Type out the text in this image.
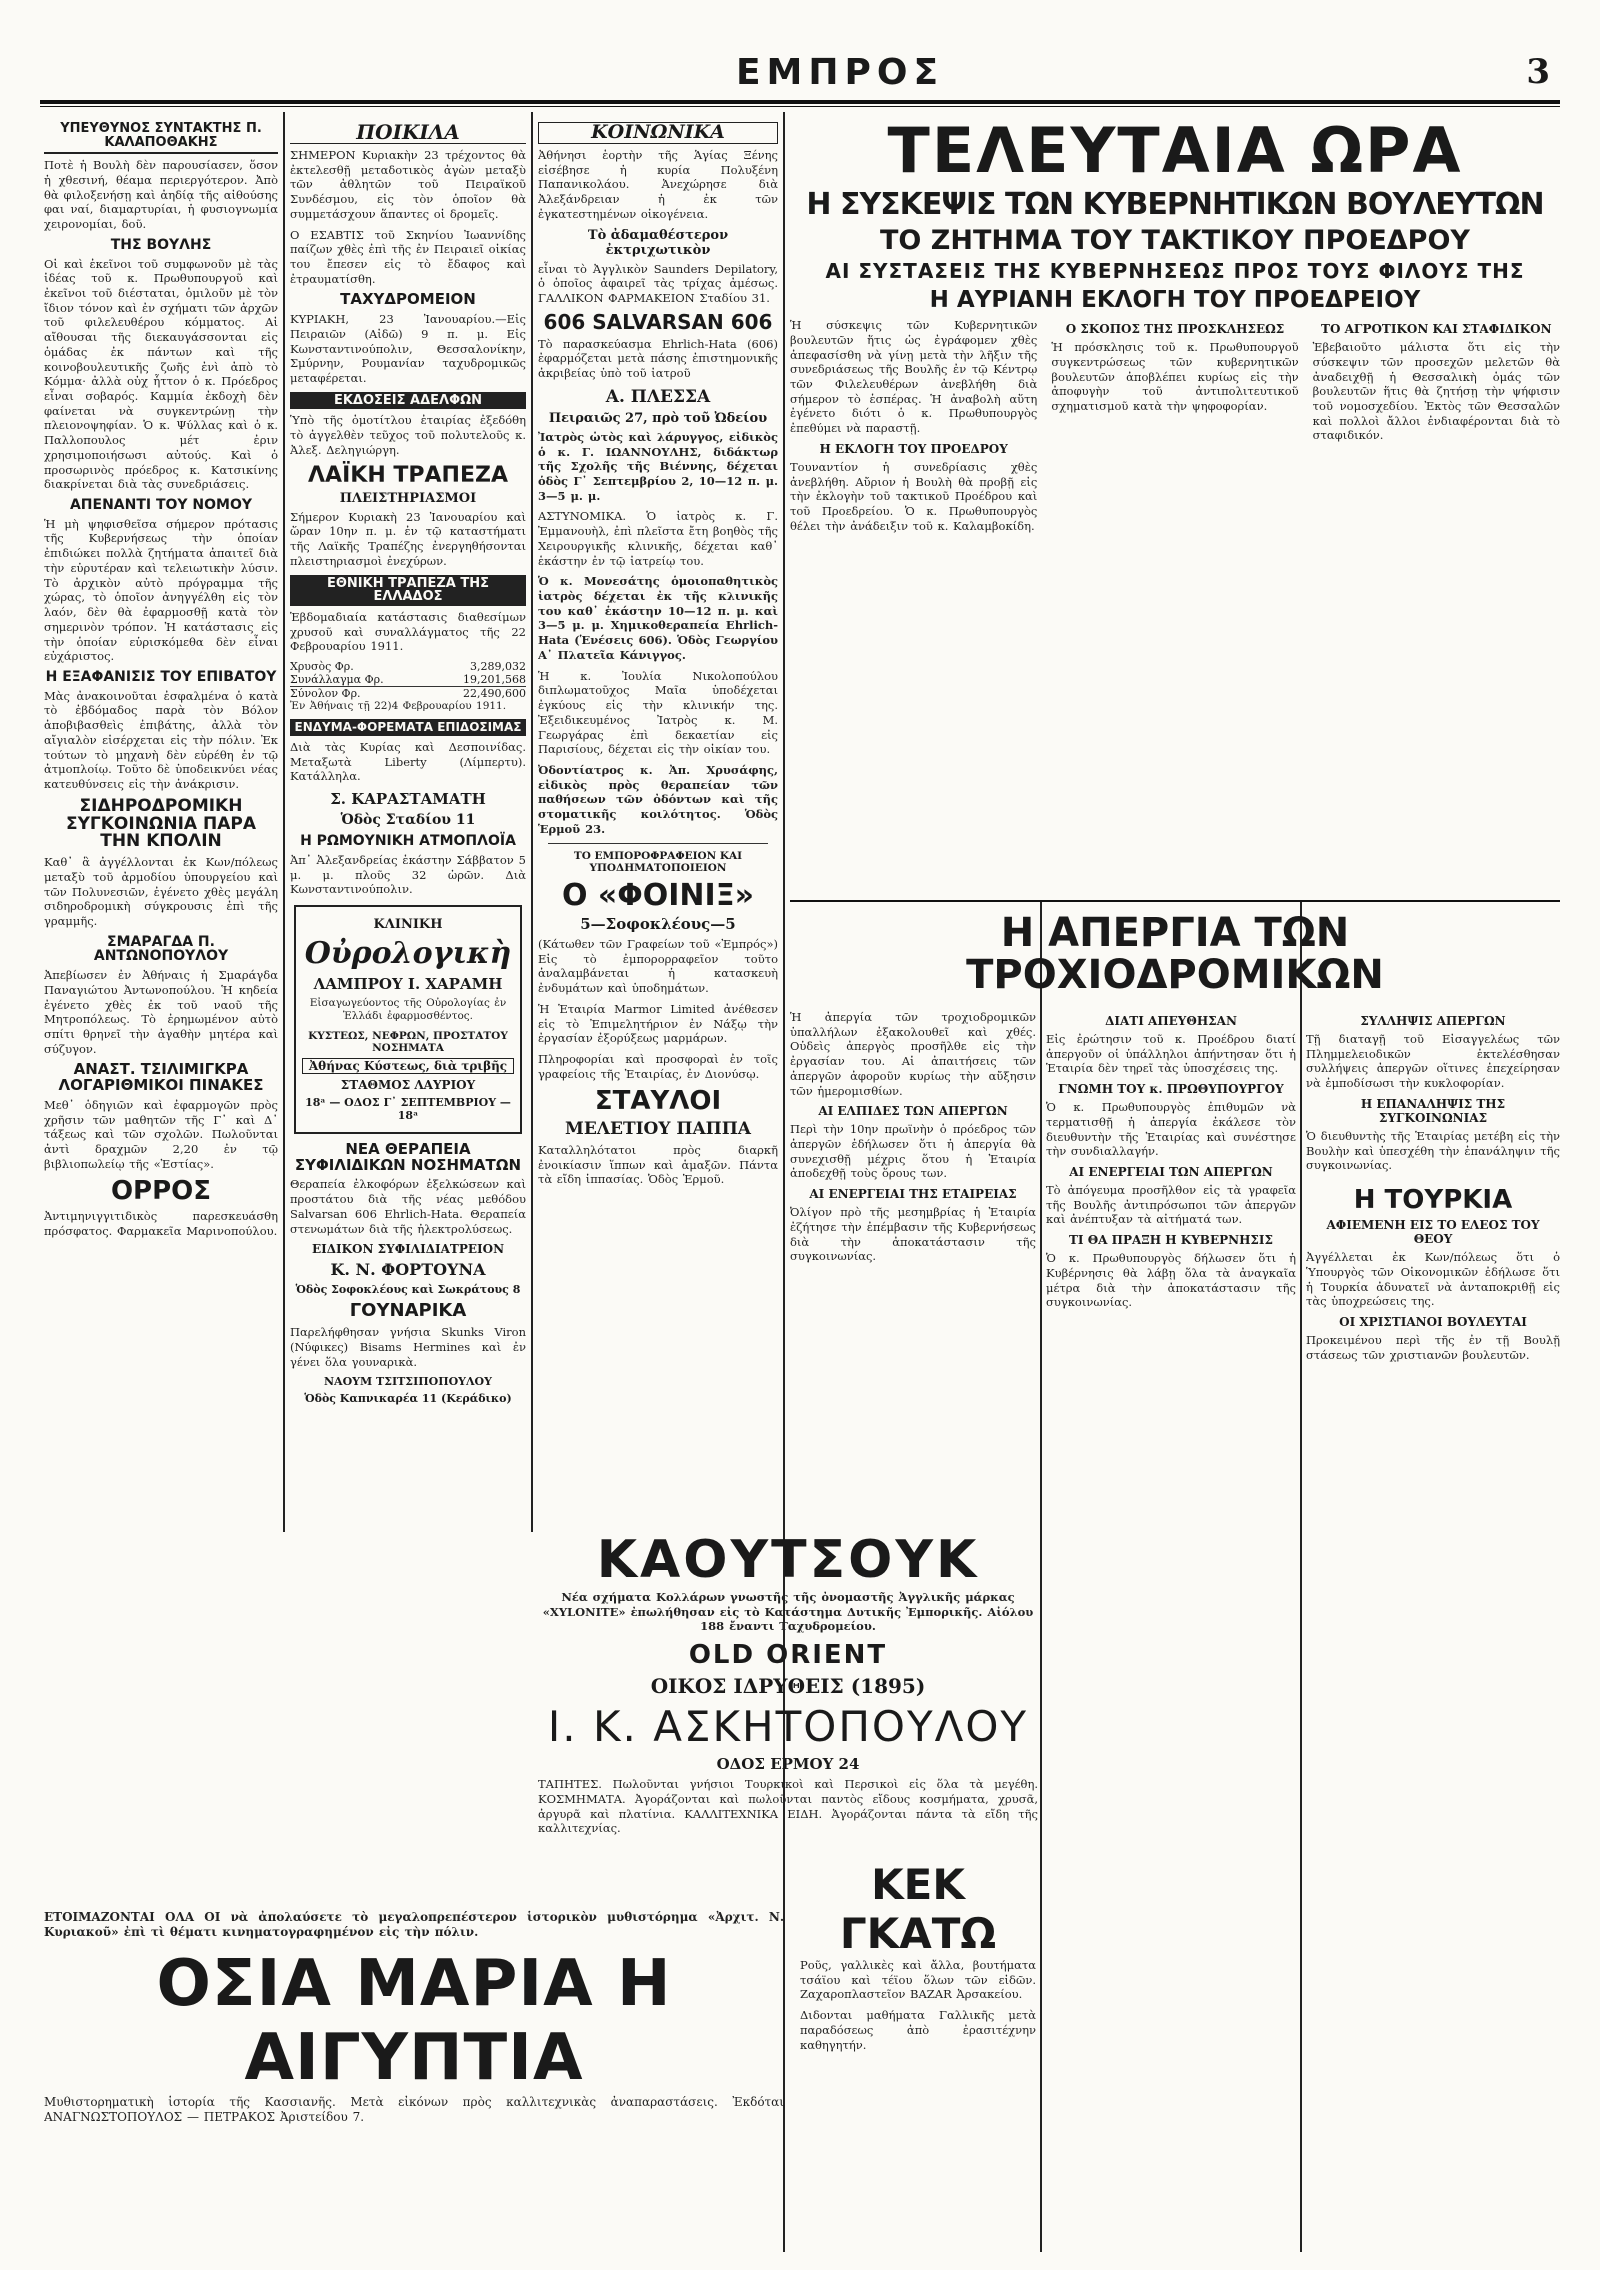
ΕΜΠΡΟΣ	3
ΥΠΕΥΘΥΝΟΣ ΣΥΝΤΑΚΤΗΣ Π. ΚΑΛΑΠΟΘΑΚΗΣ

Ποτὲ ἡ Βουλὴ δὲν παρουσίασεν, ὅσον ἡ χθεσινή, θέαμα περιεργότερον. Ἀπὸ θὰ φιλοξενήσῃ καὶ ἀηδίᾳ τῆς αἰθούσης φαι ναί, διαμαρτυρίαι, ἡ φυσιογνωμία χειρονομίαι, δοῦ.

ΤΗΣ ΒΟΥΛΗΣ

Οἱ καὶ ἐκεῖνοι τοῦ συμφωνοῦν μὲ τὰς ἰδέας τοῦ κ. Πρωθυπουργοῦ καὶ ἐκεῖνοι τοῦ διέσταται, ὁμιλοῦν μὲ τὸν ἴδιον τόνον καὶ ἐν σχήματι τῶν ἀρχῶν τοῦ φιλελευθέρου κόμματος. Αἱ αἴθουσαι τῆς διεκαυγάσσονται εἰς ὁμάδας ἐκ πάντων καὶ τῆς κοινοβουλευτικῆς ζωῆς ἐνὶ ἀπὸ τὸ Κόμμα· ἀλλὰ οὐχ ἧττον ὁ κ. Πρόεδρος εἶναι σοβαρός. Καμμία ἐκδοχὴ δὲν φαίνεται νὰ συγκεντρώνῃ τὴν πλειονοψηφίαν. Ὁ κ. Ψύλλας καὶ ὁ κ. Παλλοπουλος μέτ ἐριν χρησιμοποιήσωσι αὐτούς. Καὶ ὁ προσωρινὸς πρόεδρος κ. Κατσικίνης διακρίνεται διὰ τὰς συνεδριάσεις.

ΑΠΕΝΑΝΤΙ ΤΟΥ ΝΟΜΟΥ

Ἡ μὴ ψηφισθεῖσα σήμερον πρότασις τῆς Κυβερνήσεως τὴν ὁποίαν ἐπιδιώκει πολλὰ ζητήματα ἀπαιτεῖ διὰ τὴν εὐρυτέραν καὶ τελειωτικὴν λύσιν. Τὸ ἀρχικὸν αὐτὸ πρόγραμμα τῆς χώρας, τὸ ὁποῖον ἀνηγγέλθη εἰς τὸν λαόν, δὲν θὰ ἐφαρμοσθῇ κατὰ τὸν σημερινὸν τρόπον. Ἡ κατάστασις εἰς τὴν ὁποίαν εὑρισκόμεθα δὲν εἶναι εὐχάριστος.

Η ΕΞΑΦΑΝΙΣΙΣ ΤΟΥ ΕΠΙΒΑΤΟΥ

Μὰς ἀνακοινοῦται ἐσφαλμένα ὁ κατὰ τὸ ἐβδόμαδος παρὰ τὸν Βόλον ἀποβιβασθεὶς ἐπιβάτης, ἀλλὰ τὸν αἴγιαλὸν εἰσέρχεται εἰς τὴν πόλιν. Ἐκ τούτων τὸ μηχανὴ δὲν εὑρέθη ἐν τῷ ἀτμοπλοίῳ. Τοῦτο δὲ ὑποδεικνύει νέας κατευθύνσεις εἰς τὴν ἀνάκρισιν.

ΣΙΔΗΡΟΔΡΟΜΙΚΗ ΣΥΓΚΟΙΝΩΝΙΑ ΠΑΡΑ ΤΗΝ ΚΠΟΛΙΝ

Καθ᾽ ἃ ἀγγέλλονται ἐκ Κων/πόλεως μεταξὺ τοῦ ἀρμοδίου ὑπουργείου καὶ τῶν Πολυνεσιῶν, ἐγένετο χθὲς μεγάλη σιδηροδρομικὴ σύγκρουσις ἐπὶ τῆς γραμμῆς.

ΣΜΑΡΑΓΔΑ Π. ΑΝΤΩΝΟΠΟΥΛΟΥ

Ἀπεβίωσεν ἐν Ἀθήναις ἡ Σμαράγδα Παναγιώτου Ἀντωνοπούλου. Ἡ κηδεία ἐγένετο χθὲς ἐκ τοῦ ναοῦ τῆς Μητροπόλεως. Τὸ ἐρημωμένον αὐτὸ σπίτι θρηνεῖ τὴν ἀγαθὴν μητέρα καὶ σύζυγον.

ΑΝΑΣΤ. ΤΣΙΛΙΜΙΓΚΡΑ ΛΟΓΑΡΙΘΜΙΚΟΙ ΠΙΝΑΚΕΣ

Μεθ᾽ ὁδηγιῶν καὶ ἐφαρμογῶν πρὸς χρῆσιν τῶν μαθητῶν τῆς Γ᾽ καὶ Δ᾽ τάξεως καὶ τῶν σχολῶν. Πωλοῦνται ἀντὶ δραχμῶν 2,20 ἐν τῷ βιβλιοπωλείῳ τῆς «Ἑστίας».

ΟΡΡΟΣ

Ἀντιμηνιγγιτιδικὸς παρεσκευάσθη πρόσφατος. Φαρμακεῖα Μαρινοπούλου.

ΠΟΙΚΙΛΑ

ΣΗΜΕΡΟΝ Κυριακὴν 23 τρέχοντος θὰ ἐκτελεσθῇ μεταδοτικὸς ἀγὼν μεταξὺ τῶν ἀθλητῶν τοῦ Πειραϊκοῦ Συνδέσμου, εἰς τὸν ὁποῖον θὰ συμμετάσχουν ἅπαντες οἱ δρομεῖς.

Ο ΕΣΑΒΤΙΣ τοῦ Σκηνίου Ἰωαννίδης παίζων χθὲς ἐπὶ τῆς ἐν Πειραιεῖ οἰκίας του ἔπεσεν εἰς τὸ ἔδαφος καὶ ἐτραυματίσθη.

ΤΑΧΥΔΡΟΜΕΙΟΝ

ΚΥΡΙΑΚΗ, 23 Ἰανουαρίου.—Εἰς Πειραιῶν (Αἰδῶ) 9 π. μ. Εἰς Κωνσταντινούπολιν, Θεσσαλονίκην, Σμύρνην, Ρουμανίαν ταχυδρομικῶς μεταφέρεται.

ΕΚΔΟΣΕΙΣ ΑΔΕΛΦΩΝ

Ὑπὸ τῆς ὁμοτίτλου ἐταιρίας ἐξεδόθη τὸ ἀγγελθὲν τεῦχος τοῦ πολυτελοῦς κ. Ἀλεξ. Δεληγιώργη.

ΛΑΪΚΗ ΤΡΑΠΕΖΑ
ΠΛΕΙΣΤΗΡΙΑΣΜΟΙ

Σήμερον Κυριακὴ 23 Ἰανουαρίου καὶ ὥραν 10ην π. μ. ἐν τῷ καταστήματι τῆς Λαϊκῆς Τραπέζης ἐνεργηθήσονται πλειστηριασμοὶ ἐνεχύρων.

ΕΘΝΙΚΗ ΤΡΑΠΕΖΑ ΤΗΣ ΕΛΛΑΔΟΣ

Ἑβδομαδιαία κατάστασις διαθεσίμων χρυσοῦ καὶ συναλλάγματος τῆς 22 Φεβρουαρίου 1911.

Χρυσὸς Φρ.	3,289,032
Συνάλλαγμα Φρ.	19,201,568
Σύνολον Φρ.	22,490,600

Ἐν Ἀθήναις τῇ 22)4 Φεβρουαρίου 1911.

ΕΝΔΥΜΑ-ΦΟΡΕΜΑΤΑ ΕΠΙΔΟΣΙΜΑΣ

Διὰ τὰς Κυρίας καὶ Δεσποινίδας. Μεταξωτὰ Liberty (Λίμπερτυ). Κατάλληλα.

Σ. ΚΑΡΑΣΤΑΜΑΤΗ
Ὁδὸς Σταδίου 11
Η ΡΩΜΟΥΝΙΚΗ ΑΤΜΟΠΛΟΪΑ

Ἀπ᾽ Ἀλεξανδρείας ἑκάστην Σάββατον 5 μ. μ. πλοῦς 32 ὡρῶν. Διὰ Κωνσταντινούπολιν.

ΚΛΙΝΙΚΗ
Οὐρολογικὴ
ΛΑΜΠΡΟΥ Ι. ΧΑΡΑΜΗ

Εἰσαγωγεύοντος τῆς Οὐρολογίας ἐν Ἑλλάδι ἐφαρμοσθέντος.

ΚΥΣΤΕΩΣ, ΝΕΦΡΩΝ, ΠΡΟΣΤΑΤΟΥ ΝΟΣΗΜΑΤΑ
Ἀθήνας Κύστεως, διὰ τριβῆς
ΣΤΑΘΜΟΣ ΛΑΥΡΙΟΥ
18ᵃ — ΟΔΟΣ Γ᾽ ΣΕΠΤΕΜΒΡΙΟΥ — 18ᵃ
ΝΕΑ ΘΕΡΑΠΕΙΑ ΣΥΦΙΛΙΔΙΚΩΝ ΝΟΣΗΜΑΤΩΝ

Θεραπεία ἐλκοφόρων ἐξελκώσεων καὶ προστάτου διὰ τῆς νέας μεθόδου Salvarsan 606 Ehrlich-Hata. Θεραπεία στενωμάτων διὰ τῆς ἠλεκτρολύσεως.

ΕΙΔΙΚΟΝ ΣΥΦΙΛΙΔΙΑΤΡΕΙΟΝ
Κ. Ν. ΦΟΡΤΟΥΝΑ
Ὁδὸς Σοφοκλέους καὶ Σωκράτους 8
ΓΟΥΝΑΡΙΚΑ

Παρελήφθησαν γνήσια Skunks Viron (Νύφικες) Bisams Hermines καὶ ἐν γένει ὅλα γουναρικὰ.

ΝΑΟΥΜ ΤΣΙΤΣΙΠΟΠΟΥΛΟΥ
Ὁδὸς Καπνικαρέα 11 (Κεράδικο)
ΚΟΙΝΩΝΙΚΑ

Ἀθήνησι ἑορτὴν τῆς Ἁγίας Ξένης εἰσέβησε ἡ κυρία Πολυξένη Παπανικολάου. Ἀνεχώρησε διὰ Ἀλεξάνδρειαν ἡ ἐκ τῶν ἐγκατεστημένων οἰκογένεια.

Τὸ ἀδαμαθέστερον ἐκτριχωτικὸν

εἶναι τὸ Ἀγγλικὸν Saunders Depilatory, ὁ ὁποῖος ἀφαιρεῖ τὰς τρίχας ἀμέσως. ΓΑΛΛΙΚΟΝ ΦΑΡΜΑΚΕΙΟΝ Σταδίου 31.

606 SALVARSAN 606

Τὸ παρασκεύασμα Ehrlich-Hata (606) ἐφαρμόζεται μετὰ πάσης ἐπιστημονικῆς ἀκριβείας ὑπὸ τοῦ ἰατροῦ

Α. ΠΛΕΣΣΑ
Πειραιῶς 27, πρὸ τοῦ Ὠδείου

Ἰατρὸς ὡτὸς καὶ λάρυγγος, εἰδικὸς ὁ κ. Γ. ΙΩΑΝΝΟΥΛΗΣ, διδάκτωρ τῆς Σχολῆς τῆς Βιέννης, δέχεται ὁδὸς Γ᾽ Σεπτεμβρίου 2, 10—12 π. μ. 3—5 μ. μ.

ΑΣΤΥΝΟΜΙΚΑ. Ὁ ἰατρὸς κ. Γ. Ἐμμανουὴλ, ἐπὶ πλεῖστα ἔτη βοηθὸς τῆς Χειρουργικῆς κλινικῆς, δέχεται καθ᾽ ἑκάστην ἐν τῷ ἰατρείῳ του.

Ὁ κ. Μονεσάτης ὁμοιοπαθητικὸς ἰατρὸς δέχεται ἐκ τῆς κλινικῆς του καθ᾽ ἑκάστην 10—12 π. μ. καὶ 3—5 μ. μ. Χημικοθεραπεία Ehrlich-Hata (Ἑνέσεις 606). Ὁδὸς Γεωργίου Α᾽ Πλατεῖα Κάνιγγος.

Ἡ κ. Ἰουλία Νικολοπούλου διπλωματοῦχος Μαῖα ὑποδέχεται ἐγκύους εἰς τὴν κλινικήν της. Ἐξειδικευμένος Ἰατρὸς κ. Μ. Γεωργάρας ἐπὶ δεκαετίαν εἰς Παρισίους, δέχεται εἰς τὴν οἰκίαν του.

Ὀδοντίατρος κ. Ἀπ. Χρυσάφης, εἰδικὸς πρὸς θεραπείαν τῶν παθήσεων τῶν ὀδόντων καὶ τῆς στοματικῆς κοιλότητος. Ὁδὸς Ἑρμοῦ 23.

ΤΟ ΕΜΠΟΡΟΦΡΑΦΕΙΟΝ ΚΑΙ ΥΠΟΔΗΜΑΤΟΠΟΙΕΙΟΝ
Ο «ΦΟΙΝΙΞ»
5—Σοφοκλέους—5

(Κάτωθεν τῶν Γραφείων τοῦ «Ἐμπρός») Εἰς τὸ ἐμπορορραφεῖον τοῦτο ἀναλαμβάνεται ἡ κατασκευὴ ἐνδυμάτων καὶ ὑποδημάτων.

Ἡ Ἑταιρία Marmor Limited ἀνέθεσεν εἰς τὸ Ἐπιμελητήριον ἐν Νάξῳ τὴν ἐργασίαν ἐξορύξεως μαρμάρων.

Πληροφορίαι καὶ προσφοραὶ ἐν τοῖς γραφείοις τῆς Ἑταιρίας, ἐν Διονύσῳ.

ΣΤΑΥΛΟΙ
ΜΕΛΕΤΙΟΥ ΠΑΠΠΑ

Καταλληλότατοι πρὸς διαρκῆ ἐνοικίασιν ἵππων καὶ ἁμαξῶν. Πάντα τὰ εἴδη ἱππασίας. Ὁδὸς Ἑρμοῦ.

ΤΕΛΕΥΤΑΙΑ ΩΡΑ
Η ΣΥΣΚΕΨΙΣ ΤΩΝ ΚΥΒΕΡΝΗΤΙΚΩΝ ΒΟΥΛΕΥΤΩΝ
ΤΟ ΖΗΤΗΜΑ ΤΟΥ ΤΑΚΤΙΚΟΥ ΠΡΟΕΔΡΟΥ
ΑΙ ΣΥΣΤΑΣΕΙΣ ΤΗΣ ΚΥΒΕΡΝΗΣΕΩΣ ΠΡΟΣ ΤΟΥΣ ΦΙΛΟΥΣ ΤΗΣ
Η ΑΥΡΙΑΝΗ ΕΚΛΟΓΗ ΤΟΥ ΠΡΟΕΔΡΕΙΟΥ

Ἡ σύσκεψις τῶν Κυβερνητικῶν βουλευτῶν ἥτις ὡς ἐγράφομεν χθὲς ἀπεφασίσθη νὰ γίνῃ μετὰ τὴν λῆξιν τῆς συνεδριάσεως τῆς Βουλῆς ἐν τῷ Κέντρῳ τῶν Φιλελευθέρων ἀνεβλήθη διὰ σήμερον τὸ ἑσπέρας. Ἡ ἀναβολὴ αὕτη ἐγένετο διότι ὁ κ. Πρωθυπουργὸς ἐπεθύμει νὰ παραστῇ.

Η ΕΚΛΟΓΗ ΤΟΥ ΠΡΟΕΔΡΟΥ

Τουναντίον ἡ συνεδρίασις χθὲς ἀνεβλήθη. Αὔριον ἡ Βουλὴ θὰ προβῇ εἰς τὴν ἐκλογὴν τοῦ τακτικοῦ Προέδρου καὶ τοῦ Προεδρείου. Ὁ κ. Πρωθυπουργὸς θέλει τὴν ἀνάδειξιν τοῦ κ. Καλαμβοκίδη.

Ο ΣΚΟΠΟΣ ΤΗΣ ΠΡΟΣΚΛΗΣΕΩΣ

Ἡ πρόσκλησις τοῦ κ. Πρωθυπουργοῦ συγκεντρώσεως τῶν κυβερνητικῶν βουλευτῶν ἀποβλέπει κυρίως εἰς τὴν ἀποφυγὴν τοῦ ἀντιπολιτευτικοῦ σχηματισμοῦ κατὰ τὴν ψηφοφορίαν.

ΤΟ ΑΓΡΟΤΙΚΟΝ ΚΑΙ ΣΤΑΦΙΔΙΚΟΝ

Ἐβεβαιοῦτο μάλιστα ὅτι εἰς τὴν σύσκεψιν τῶν προσεχῶν μελετῶν θὰ ἀναδειχθῇ ἡ Θεσσαλικὴ ὁμάς τῶν βουλευτῶν ἥτις θὰ ζητήσῃ τὴν ψήφισιν τοῦ νομοσχεδίου. Ἐκτὸς τῶν Θεσσαλῶν καὶ πολλοὶ ἄλλοι ἐνδιαφέρονται διὰ τὸ σταφιδικόν.

Η ΑΠΕΡΓΙΑ ΤΩΝ ΤΡΟΧΙΟΔΡΟΜΙΚΩΝ

Ἡ ἀπεργία τῶν τροχιοδρομικῶν ὑπαλλήλων ἐξακολουθεῖ καὶ χθές. Οὐδεὶς ἀπεργὸς προσῆλθε εἰς τὴν ἐργασίαν του. Αἱ ἀπαιτήσεις τῶν ἀπεργῶν ἀφοροῦν κυρίως τὴν αὔξησιν τῶν ἡμερομισθίων.

ΑΙ ΕΛΠΙΔΕΣ ΤΩΝ ΑΠΕΡΓΩΝ

Περὶ τὴν 10ην πρωϊνὴν ὁ πρόεδρος τῶν ἀπεργῶν ἐδήλωσεν ὅτι ἡ ἀπεργία θὰ συνεχισθῇ μέχρις ὅτου ἡ Ἑταιρία ἀποδεχθῇ τοὺς ὅρους των.

ΑΙ ΕΝΕΡΓΕΙΑΙ ΤΗΣ ΕΤΑΙΡΕΙΑΣ

Ὀλίγον πρὸ τῆς μεσημβρίας ἡ Ἑταιρία ἐζήτησε τὴν ἐπέμβασιν τῆς Κυβερνήσεως διὰ τὴν ἀποκατάστασιν τῆς συγκοινωνίας.

ΔΙΑΤΙ ΑΠΕΥΘΗΣΑΝ

Εἰς ἐρώτησιν τοῦ κ. Προέδρου διατί ἀπεργοῦν οἱ ὑπάλληλοι ἀπήντησαν ὅτι ἡ Ἑταιρία δὲν τηρεῖ τὰς ὑποσχέσεις της.

ΓΝΩΜΗ ΤΟΥ κ. ΠΡΩΘΥΠΟΥΡΓΟΥ

Ὁ κ. Πρωθυπουργὸς ἐπιθυμῶν νὰ τερματισθῇ ἡ ἀπεργία ἐκάλεσε τὸν διευθυντὴν τῆς Ἑταιρίας καὶ συνέστησε τὴν συνδιαλλαγήν.

ΑΙ ΕΝΕΡΓΕΙΑΙ ΤΩΝ ΑΠΕΡΓΩΝ

Τὸ ἀπόγευμα προσῆλθον εἰς τὰ γραφεῖα τῆς Βουλῆς ἀντιπρόσωποι τῶν ἀπεργῶν καὶ ἀνέπτυξαν τὰ αἰτήματά των.

ΤΙ ΘΑ ΠΡΑΞΗ Η ΚΥΒΕΡΝΗΣΙΣ

Ὁ κ. Πρωθυπουργὸς δήλωσεν ὅτι ἡ Κυβέρνησις θὰ λάβῃ ὅλα τὰ ἀναγκαῖα μέτρα διὰ τὴν ἀποκατάστασιν τῆς συγκοινωνίας.

ΣΥΛΛΗΨΙΣ ΑΠΕΡΓΩΝ

Τῇ διαταγῇ τοῦ Εἰσαγγελέως τῶν Πλημμελειοδικῶν ἐκτελέσθησαν συλλήψεις ἀπεργῶν οἵτινες ἐπεχείρησαν νὰ ἐμποδίσωσι τὴν κυκλοφορίαν.

Η ΕΠΑΝΑΛΗΨΙΣ ΤΗΣ ΣΥΓΚΟΙΝΩΝΙΑΣ

Ὁ διευθυντὴς τῆς Ἑταιρίας μετέβη εἰς τὴν Βουλὴν καὶ ὑπεσχέθη τὴν ἐπανάληψιν τῆς συγκοινωνίας.

Η ΤΟΥΡΚΙΑ
ΑΦΙΕΜΕΝΗ ΕΙΣ ΤΟ ΕΛΕΟΣ ΤΟΥ ΘΕΟΥ

Ἀγγέλλεται ἐκ Κων/πόλεως ὅτι ὁ Ὑπουργὸς τῶν Οἰκονομικῶν ἐδήλωσε ὅτι ἡ Τουρκία ἀδυνατεῖ νὰ ἀνταποκριθῇ εἰς τὰς ὑποχρεώσεις της.

ΟΙ ΧΡΙΣΤΙΑΝΟΙ ΒΟΥΛΕΥΤΑΙ

Προκειμένου περὶ τῆς ἐν τῇ Βουλῇ στάσεως τῶν χριστιανῶν βουλευτῶν.

ΚΑΟΥΤΣΟΥΚ

Νέα σχήματα Κολλάρων γνωστῆς τῆς ὀνομαστῆς Ἀγγλικῆς μάρκας «XYLONITE» ἐπωλήθησαν εἰς τὸ Κατάστημα Δυτικῆς Ἐμπορικῆς. Αἰόλου 188 ἔναντι Ταχυδρομείου.

OLD ORIENT
ΟΙΚΟΣ ΙΔΡΥΘΕΙΣ (1895)
Ι. Κ. ΑΣΚΗΤΟΠΟΥΛΟΥ
ΟΔΟΣ ΕΡΜΟΥ 24

ΤΑΠΗΤΕΣ. Πωλοῦνται γνήσιοι Τουρκικοὶ καὶ Περσικοὶ εἰς ὅλα τὰ μεγέθη. ΚΟΣΜΗΜΑΤΑ. Ἀγοράζονται καὶ πωλοῦνται παντὸς εἴδους κοσμήματα, χρυσᾶ, ἀργυρᾶ καὶ πλατίνια. ΚΑΛΛΙΤΕΧΝΙΚΑ ΕΙΔΗ. Ἀγοράζονται πάντα τὰ εἴδη τῆς καλλιτεχνίας.

ΚΕΚ ΓΚΑΤΩ

Ροῦς, γαλλικὲς καὶ ἄλλα, βουτήματα τσάϊου καὶ τέϊου ὅλων τῶν εἰδῶν. Ζαχαροπλαστεῖον BAZAR Ἀρσακείου.

Διδονται μαθήματα Γαλλικῆς μετὰ παραδόσεως ἀπὸ ἐρασιτέχνην καθηγητήν.

ΕΤΟΙΜΑΖΟΝΤΑΙ ΟΛΑ ΟΙ νὰ ἀπολαύσετε τὸ μεγαλοπρεπέστερον ἱστορικὸν μυθιστόρημα «Ἀρχιτ. Ν. Κυριακοῦ» ἐπὶ τὶ θέματι κινηματογραφημένον εἰς τὴν πόλιν.

ΟΣΙΑ ΜΑΡΙΑ Η ΑΙΓΥΠΤΙΑ

Μυθιστορηματικὴ ἱστορία τῆς Κασσιανῆς. Μετὰ εἰκόνων πρὸς καλλιτεχνικὰς ἀναπαραστάσεις. Ἐκδόται ΑΝΑΓΝΩΣΤΟΠΟΥΛΟΣ — ΠΕΤΡΑΚΟΣ Ἀριστείδου 7.
